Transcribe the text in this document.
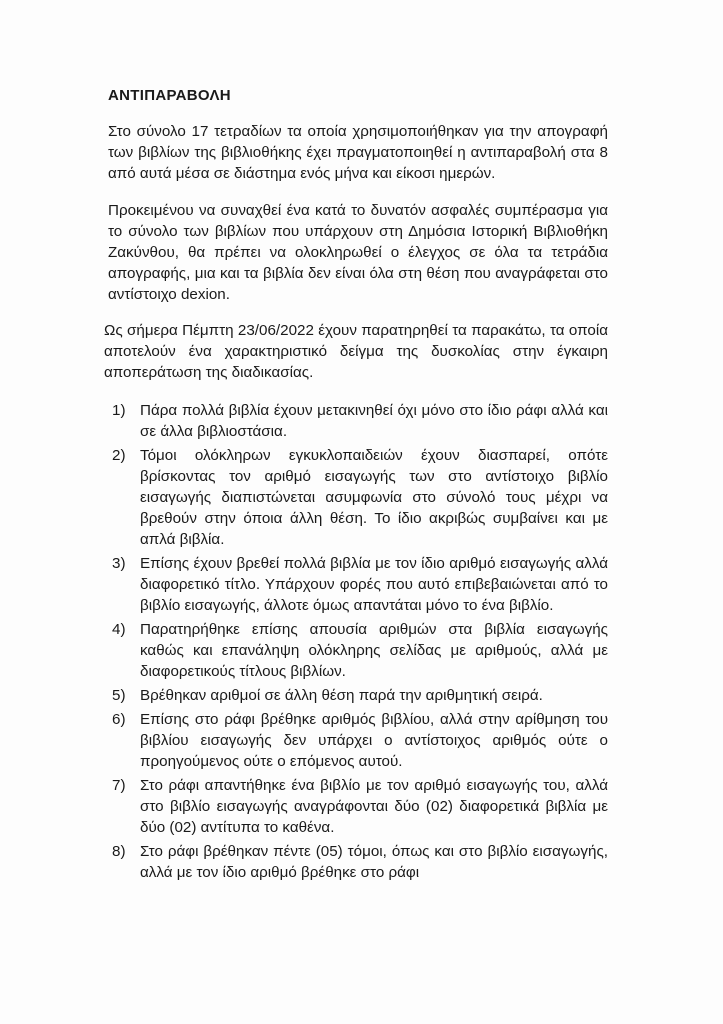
ΑΝΤΙΠΑΡΑΒΟΛΗ

Στο σύνολο 17 τετραδίων τα οποία χρησιμοποιήθηκαν για την απογραφή των βιβλίων της βιβλιοθήκης έχει πραγματοποιηθεί η αντιπαραβολή στα 8 από αυτά μέσα σε διάστημα ενός μήνα και είκοσι ημερών.

Προκειμένου να συναχθεί ένα κατά το δυνατόν ασφαλές συμπέρασμα για το σύνολο των βιβλίων που υπάρχουν στη Δημόσια Ιστορική Βιβλιοθήκη Ζακύνθου, θα πρέπει να ολοκληρωθεί ο έλεγχος σε όλα τα τετράδια απογραφής, μια και τα βιβλία δεν είναι όλα στη θέση που αναγράφεται στο αντίστοιχο dexion.

Ως σήμερα Πέμπτη 23/06/2022 έχουν παρατηρηθεί τα παρακάτω, τα οποία αποτελούν ένα χαρακτηριστικό δείγμα της δυσκολίας στην έγκαιρη αποπεράτωση της διαδικασίας.

1) Πάρα πολλά βιβλία έχουν μετακινηθεί όχι μόνο στο ίδιο ράφι αλλά και σε άλλα βιβλιοστάσια.
2) Τόμοι ολόκληρων εγκυκλοπαιδειών έχουν διασπαρεί, οπότε βρίσκοντας τον αριθμό εισαγωγής των στο αντίστοιχο βιβλίο εισαγωγής διαπιστώνεται ασυμφωνία στο σύνολό τους μέχρι να βρεθούν στην όποια άλλη θέση. Το ίδιο ακριβώς συμβαίνει και με απλά βιβλία.
3) Επίσης έχουν βρεθεί πολλά βιβλία με τον ίδιο αριθμό εισαγωγής αλλά διαφορετικό τίτλο. Υπάρχουν φορές που αυτό επιβεβαιώνεται από το βιβλίο εισαγωγής, άλλοτε όμως απαντάται μόνο το ένα βιβλίο.
4) Παρατηρήθηκε επίσης απουσία αριθμών στα βιβλία εισαγωγής καθώς και επανάληψη ολόκληρης σελίδας με αριθμούς, αλλά με διαφορετικούς τίτλους βιβλίων.
5) Βρέθηκαν αριθμοί σε άλλη θέση παρά την αριθμητική σειρά.
6) Επίσης στο ράφι βρέθηκε αριθμός βιβλίου, αλλά στην αρίθμηση του βιβλίου εισαγωγής δεν υπάρχει ο αντίστοιχος αριθμός ούτε ο προηγούμενος ούτε ο επόμενος αυτού.
7) Στο ράφι απαντήθηκε ένα βιβλίο με τον αριθμό εισαγωγής του, αλλά στο βιβλίο εισαγωγής αναγράφονται δύο (02) διαφορετικά βιβλία με δύο (02) αντίτυπα το καθένα.
8) Στο ράφι βρέθηκαν πέντε (05) τόμοι, όπως και στο βιβλίο εισαγωγής, αλλά με τον ίδιο αριθμό βρέθηκε στο ράφι
